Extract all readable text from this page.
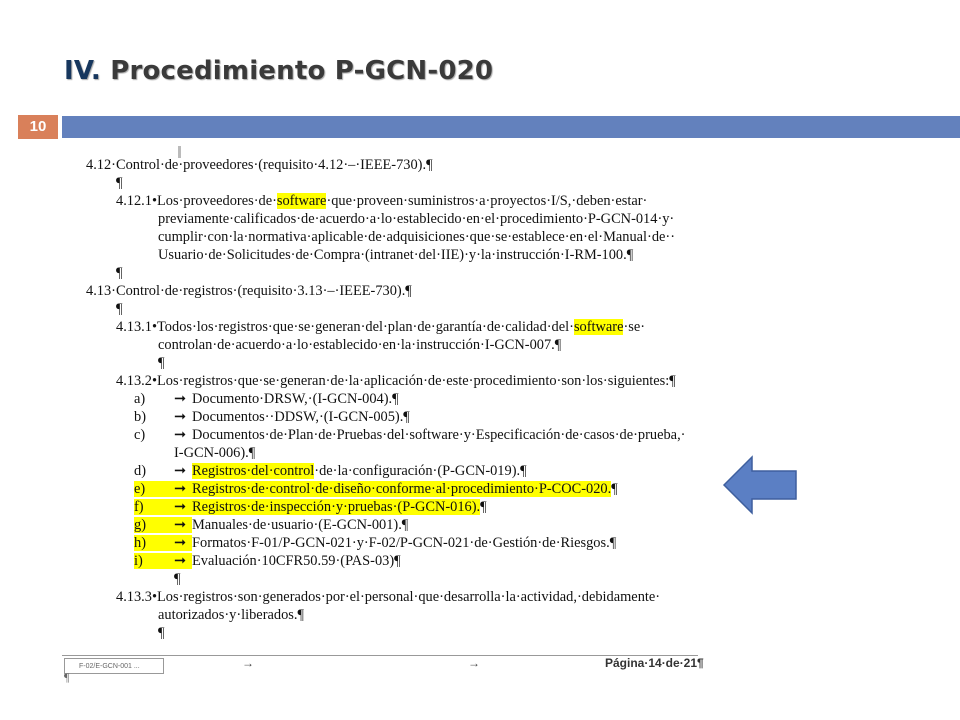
IV. Procedimiento P-GCN-020
10
4.12·Control·de·proveedores·(requisito·4.12·–·IEEE-730).¶
¶
4.12.1•Los·proveedores·de·software·que·proveen·suministros·a·proyectos·I/S,·deben·estar·
previamente·calificados·de·acuerdo·a·lo·establecido·en·el·procedimiento·P-GCN-014·y·
cumplir·con·la·normativa·aplicable·de·adquisiciones·que·se·establece·en·el·Manual·de··
Usuario·de·Solicitudes·de·Compra·(intranet·del·IIE)·y·la·instrucción·I-RM-100.¶
¶
4.13·Control·de·registros·(requisito·3.13·–·IEEE-730).¶
¶
4.13.1•Todos·los·registros·que·se·generan·del·plan·de·garantía·de·calidad·del·software·se·
controlan·de·acuerdo·a·lo·establecido·en·la·instrucción·I-GCN-007.¶
¶
4.13.2•Los·registros·que·se·generan·de·la·aplicación·de·este·procedimiento·son·los·siguientes:¶
a) ➞ Documento·DRSW,·(I-GCN-004).¶
b) ➞ Documentos··DDSW,·(I-GCN-005).¶
c) ➞ Documentos·de·Plan·de·Pruebas·del·software·y·Especificación·de·casos·de·prueba,·
I-GCN-006).¶
d) ➞ Registros·del·control·de·la·configuración·(P-GCN-019).¶
e) ➞ Registros·de·control·de·diseño·conforme·al·procedimiento·P-COC-020.¶
f) ➞ Registros·de·inspección·y·pruebas·(P-GCN-016).¶
g) ➞ Manuales·de·usuario·(E-GCN-001).¶
h) ➞ Formatos·F-01/P-GCN-021·y·F-02/P-GCN-021·de·Gestión·de·Riesgos.¶
i) ➞ Evaluación·10CFR50.59·(PAS-03)¶
¶
4.13.3•Los·registros·son·generados·por·el·personal·que·desarrolla·la·actividad,·debidamente·
autorizados·y·liberados.¶
¶
F-02/E-GCN-001 ...	→	→	Página·14·de·21¶
¶
